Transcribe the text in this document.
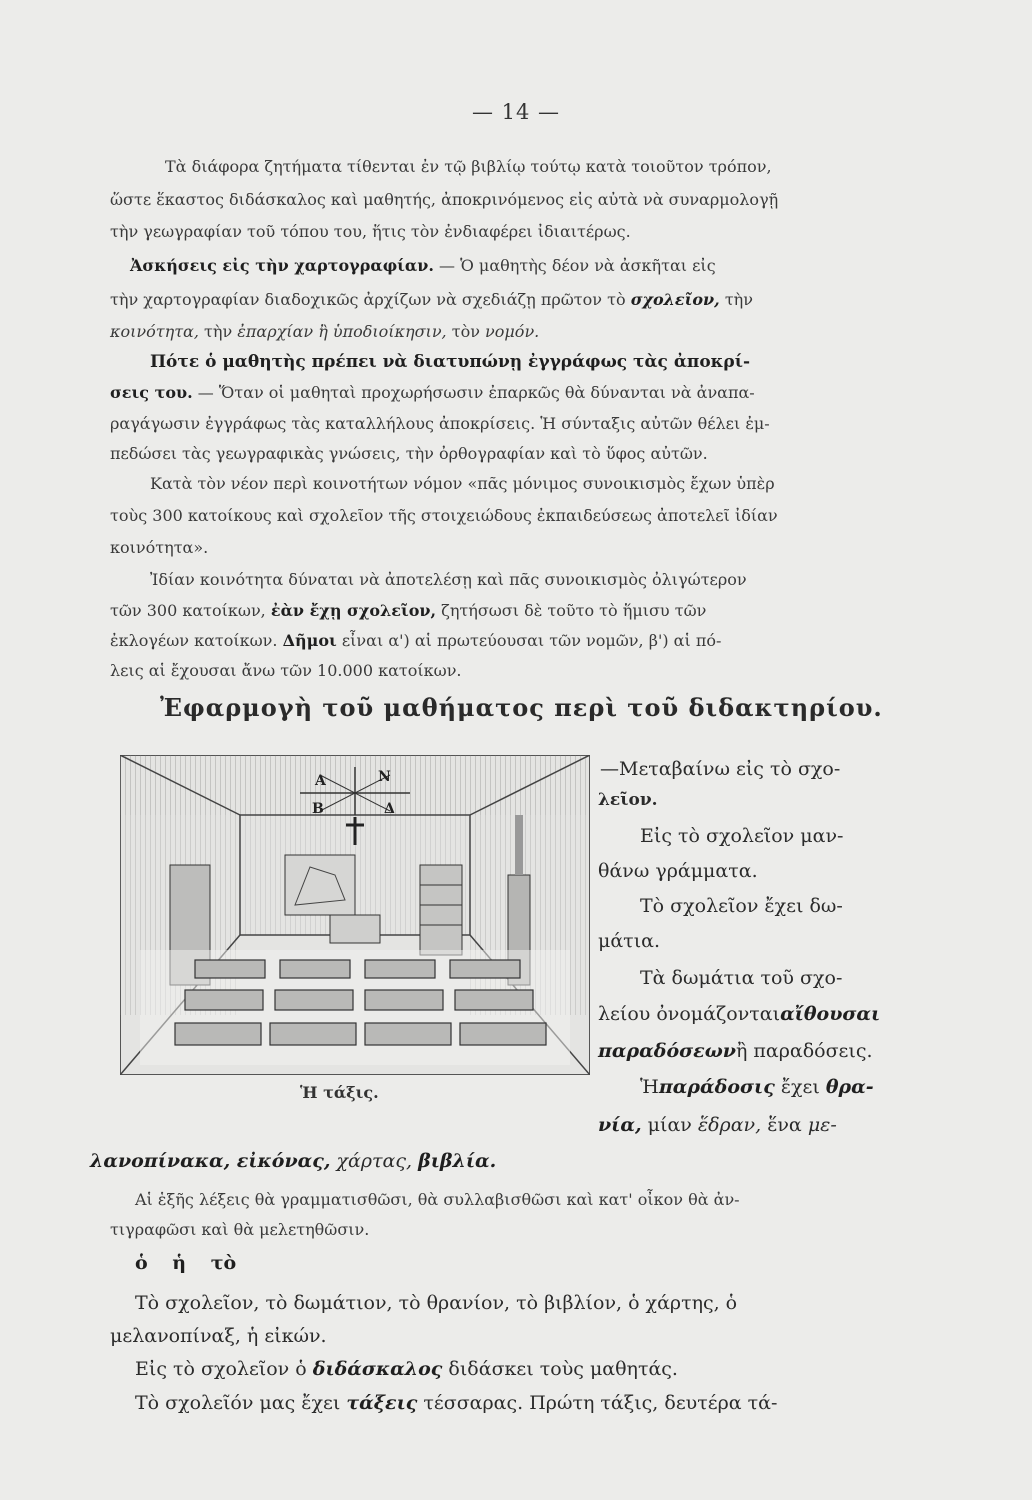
— 14 —
Τὰ διάφορα ζητήματα τίθενται ἐν τῷ βιβλίῳ τούτῳ κατὰ τοιοῦτον τρόπον,
ὥστε ἕκαστος διδάσκαλος καὶ μαθητής, ἀποκρινόμενος εἰς αὐτὰ νὰ συναρμολογῇ
τὴν γεωγραφίαν τοῦ τόπου του, ἥτις τὸν ἐνδιαφέρει ἰδιαιτέρως.
Ἀσκήσεις εἰς τὴν χαρτογραφίαν. — Ὁ μαθητὴς δέον νὰ ἀσκῆται εἰς
τὴν χαρτογραφίαν διαδοχικῶς ἀρχίζων νὰ σχεδιάζῃ πρῶτον τὸ σχολεῖον, τὴν
κοινότητα, τὴν ἐπαρχίαν ἢ ὑποδιοίκησιν, τὸν νομόν.
Πότε ὁ μαθητὴς πρέπει νὰ διατυπώνῃ ἐγγράφως τὰς ἀποκρί-
σεις του. — Ὅταν οἱ μαθηταὶ προχωρήσωσιν ἐπαρκῶς θὰ δύνανται νὰ ἀναπα-
ραγάγωσιν ἐγγράφως τὰς καταλλήλους ἀποκρίσεις. Ἡ σύνταξις αὐτῶν θέλει ἐμ-
πεδώσει τὰς γεωγραφικὰς γνώσεις, τὴν ὀρθογραφίαν καὶ τὸ ὕφος αὐτῶν.
Κατὰ τὸν νέον περὶ κοινοτήτων νόμον «πᾶς μόνιμος συνοικισμὸς ἔχων ὑπὲρ
τοὺς 300 κατοίκους καὶ σχολεῖον τῆς στοιχειώδους ἐκπαιδεύσεως ἀποτελεῖ ἰδίαν
κοινότητα».
Ἰδίαν κοινότητα δύναται νὰ ἀποτελέσῃ καὶ πᾶς συνοικισμὸς ὀλιγώτερον
τῶν 300 κατοίκων, ἐὰν ἔχῃ σχολεῖον, ζητήσωσι δὲ τοῦτο τὸ ἥμισυ τῶν
ἐκλογέων κατοίκων. Δῆμοι εἶναι α') αἱ πρωτεύουσαι τῶν νομῶν, β') αἱ πό-
λεις αἱ ἔχουσαι ἄνω τῶν 10.000 κατοίκων.
Ἐφαρμογὴ τοῦ μαθήματος περὶ τοῦ διδακτηρίου.
Α	Ν
Β	Δ
Ἡ τάξις.
—Μεταβαίνω εἰς τὸ σχο-
λεῖον.
Εἰς τὸ σχολεῖον μαν-
θάνω γράμματα.
Τὸ σχολεῖον ἔχει δω-
μάτια.
Τὰ δωμάτια τοῦ σχο-
λείου ὀνομάζονταιαἴθουσαι
παραδόσεωνἢ παραδόσεις.
Ἡπαράδοσις ἔχει θρα-
νία, μίαν ἕδραν, ἕνα με-
λανοπίνακα, εἰκόνας, χάρτας, βιβλία.
Αἱ ἑξῆς λέξεις θὰ γραμματισθῶσι, θὰ συλλαβισθῶσι καὶ κατ' οἶκον θὰ ἀν-
τιγραφῶσι καὶ θὰ μελετηθῶσιν.
ὁ ἡ τὸ
Τὸ σχολεῖον, τὸ δωμάτιον, τὸ θρανίον, τὸ βιβλίον, ὁ χάρτης, ὁ
μελανοπίναξ, ἡ εἰκών.
Εἰς τὸ σχολεῖον ὁ διδάσκαλος διδάσκει τοὺς μαθητάς.
Τὸ σχολεῖόν μας ἔχει τάξεις τέσσαρας. Πρώτη τάξις, δευτέρα τά-
